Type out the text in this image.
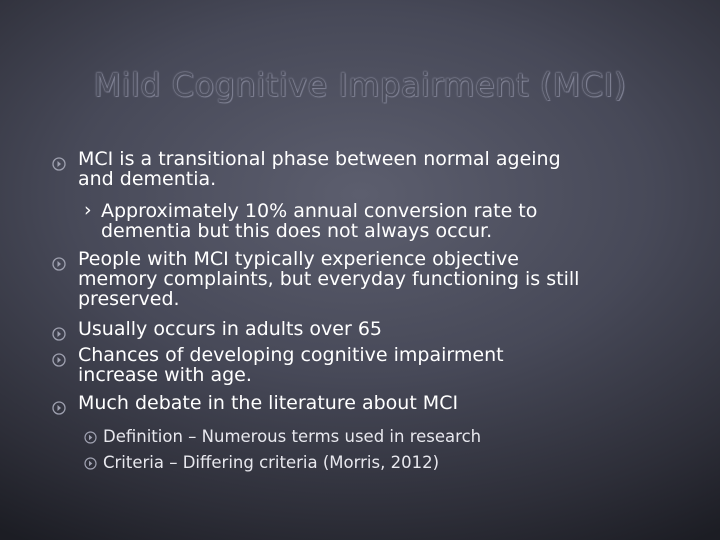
Mild Cognitive Impairment (MCI)

MCI is a transitional phase between normal ageing

and dementia.

› Approximately 10% annual conversion rate to

dementia but this does not always occur.

People with MCI typically experience objective

memory complaints, but everyday functioning is still

preserved.

Usually occurs in adults over 65

Chances of developing cognitive impairment

increase with age.

Much debate in the literature about MCI

Definition – Numerous terms used in research

Criteria – Differing criteria (Morris, 2012)
